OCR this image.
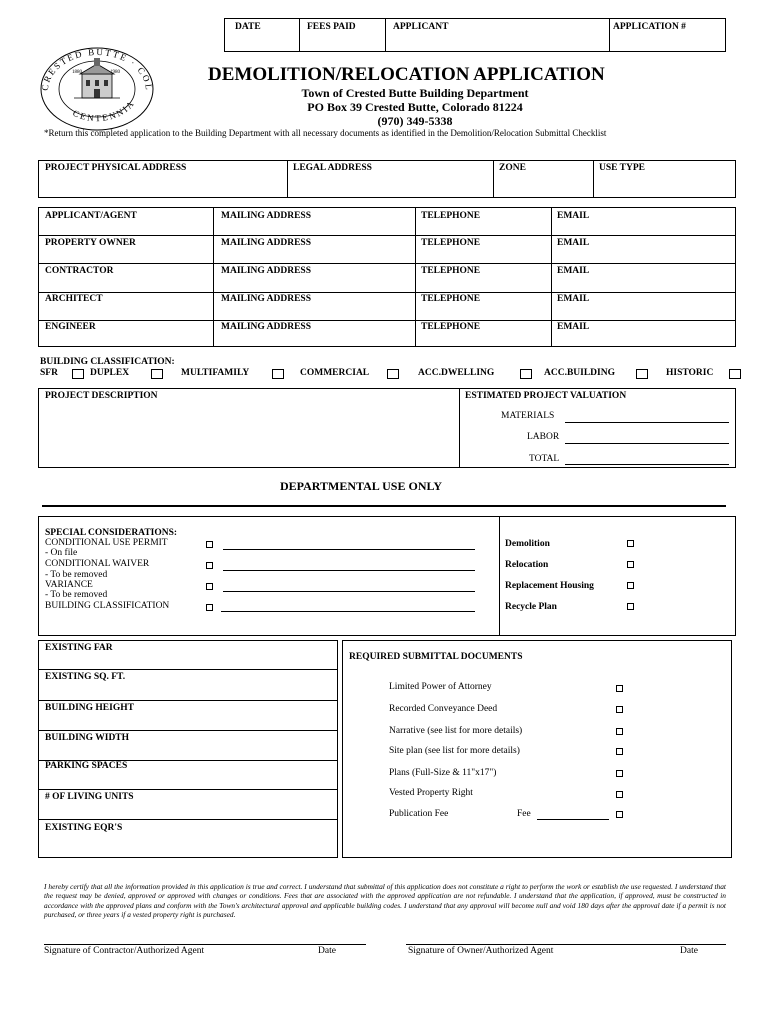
DATE	FEES PAID	APPLICANT	APPLICATION #
CRESTED BUTTE · COL
CENTENNIA
1880	1980	DEMOLITION/RELOCATION APPLICATION
Town of Crested Butte Building Department
PO Box 39 Crested Butte, Colorado 81224
(970) 349-5338
*Return this completed application to the Building Department with all necessary documents as identified in the Demolition/Relocation Submittal Checklist
PROJECT PHYSICAL ADDRESS	LEGAL ADDRESS	ZONE	USE TYPE
APPLICANT/AGENT	MAILING ADDRESS	TELEPHONE	EMAIL
PROPERTY OWNER	MAILING ADDRESS	TELEPHONE	EMAIL
CONTRACTOR	MAILING ADDRESS	TELEPHONE	EMAIL
ARCHITECT	MAILING ADDRESS	TELEPHONE	EMAIL
ENGINEER	MAILING ADDRESS	TELEPHONE	EMAIL
BUILDING CLASSIFICATION:
SFR	DUPLEX	MULTIFAMILY	COMMERCIAL	ACC.DWELLING	ACC.BUILDING	HISTORIC
PROJECT DESCRIPTION	ESTIMATED PROJECT VALUATION
MATERIALS
LABOR
TOTAL
DEPARTMENTAL USE ONLY
SPECIAL CONSIDERATIONS:
CONDITIONAL USE PERMIT
- On file
CONDITIONAL WAIVER
- To be removed
VARIANCE
- To be removed
BUILDING CLASSIFICATION
Demolition
Relocation
Replacement Housing
Recycle Plan
EXISTING FAR
EXISTING SQ. FT.
BUILDING HEIGHT
BUILDING WIDTH
PARKING SPACES
# OF LIVING UNITS
EXISTING EQR'S
REQUIRED SUBMITTAL DOCUMENTS
Limited Power of Attorney
Recorded Conveyance Deed
Narrative (see list for more details)
Site plan (see list for more details)
Plans (Full-Size & 11"x17")
Vested Property Right
Publication Fee	Fee
I hereby certify that all the information provided in this application is true and correct. I understand that submittal of this application does not constitute a right to perform the work or establish the use requested. I understand that the request may be denied, approved or approved with changes or conditions. Fees that are associated with the approved application are not refundable. I understand that the application, if approved, must be constructed in accordance with the approved plans and conform with the Town's architectural approval and applicable building codes. I understand that any approval will become null and void 180 days after the approval date if a permit is not purchased, or three years if a vested property right is purchased.
Signature of Contractor/Authorized Agent	Date	Signature of Owner/Authorized Agent	Date
